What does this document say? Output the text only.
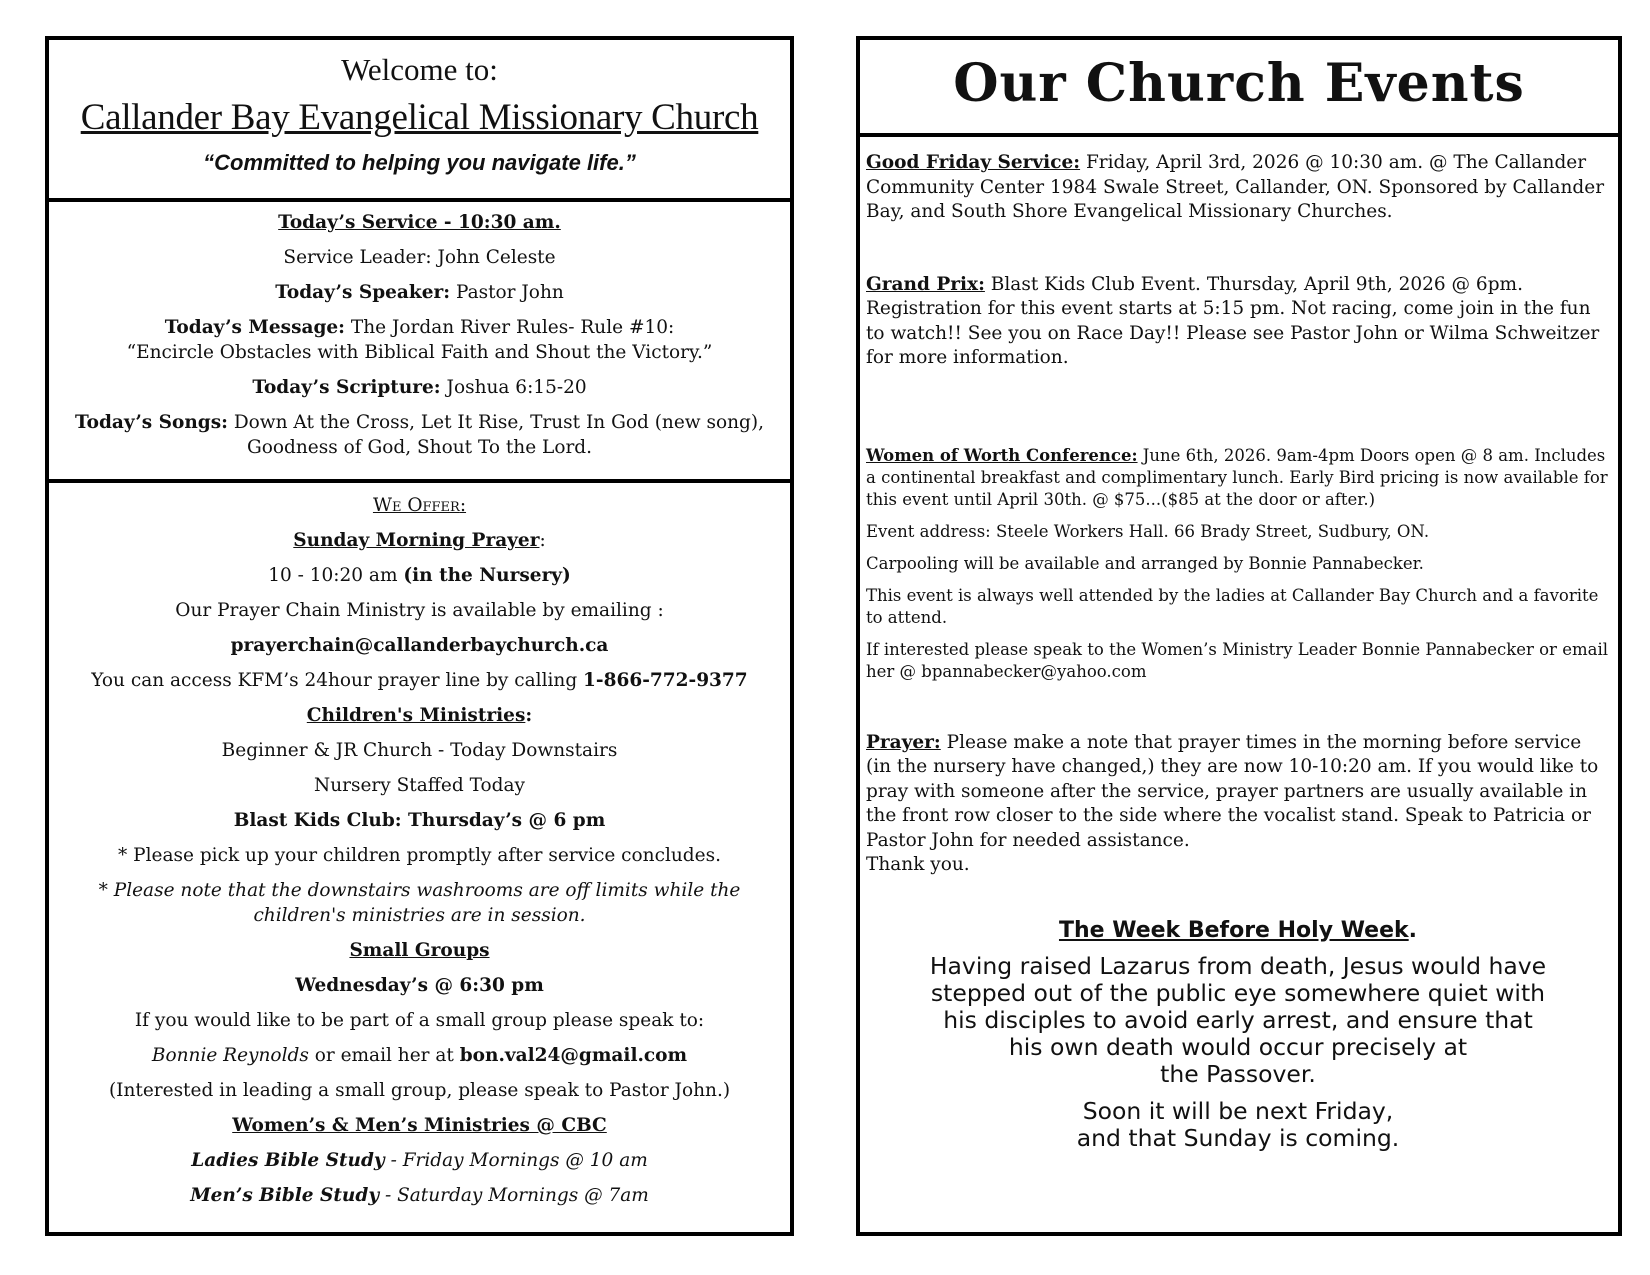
Welcome to:

Callander Bay Evangelical Missionary Church

“Committed to helping you navigate life.”

Today’s Service - 10:30 am.

Service Leader: John Celeste

Today’s Speaker: Pastor John

Today’s Message: The Jordan River Rules- Rule #10:
“Encircle Obstacles with Biblical Faith and Shout the Victory.”

Today’s Scripture: Joshua 6:15-20

Today’s Songs: Down At the Cross, Let It Rise, Trust In God (new song), Goodness of God, Shout To the Lord.

We Offer:

Sunday Morning Prayer:

10 - 10:20 am (in the Nursery)

Our Prayer Chain Ministry is available by emailing :

prayerchain@callanderbaychurch.ca

You can access KFM’s 24hour prayer line by calling 1-866-772-9377

Children's Ministries:

Beginner & JR Church - Today Downstairs

Nursery Staffed Today

Blast Kids Club: Thursday’s @ 6 pm

* Please pick up your children promptly after service concludes.

* Please note that the downstairs washrooms are off limits while the children's ministries are in session.

Small Groups

Wednesday’s @ 6:30 pm

If you would like to be part of a small group please speak to:

Bonnie Reynolds or email her at bon.val24@gmail.com

(Interested in leading a small group, please speak to Pastor John.)

Women’s & Men’s Ministries @ CBC

Ladies Bible Study - Friday Mornings @ 10 am

Men’s Bible Study - Saturday Mornings @ 7am

Our Church Events

Good Friday Service: Friday, April 3rd, 2026 @ 10:30 am. @ The Callander Community Center 1984 Swale Street, Callander, ON. Sponsored by Callander Bay, and South Shore Evangelical Missionary Churches.

Grand Prix: Blast Kids Club Event. Thursday, April 9th, 2026 @ 6pm. Registration for this event starts at 5:15 pm. Not racing, come join in the fun to watch!! See you on Race Day!! Please see Pastor John or Wilma Schweitzer for more information.

Women of Worth Conference: June 6th, 2026. 9am-4pm Doors open @ 8 am. Includes a continental breakfast and complimentary lunch. Early Bird pricing is now available for this event until April 30th. @ $75...($85 at the door or after.)

Event address: Steele Workers Hall. 66 Brady Street, Sudbury, ON.

Carpooling will be available and arranged by Bonnie Pannabecker.

This event is always well attended by the ladies at Callander Bay Church and a favorite to attend.

If interested please speak to the Women’s Ministry Leader Bonnie Pannabecker or email her @ bpannabecker@yahoo.com

Prayer: Please make a note that prayer times in the morning before service (in the nursery have changed,) they are now 10-10:20 am. If you would like to pray with someone after the service, prayer partners are usually available in the front row closer to the side where the vocalist stand. Speak to Patricia or Pastor John for needed assistance.
Thank you.

The Week Before Holy Week.

Having raised Lazarus from death, Jesus would have
stepped out of the public eye somewhere quiet with
his disciples to avoid early arrest, and ensure that
his own death would occur precisely at
the Passover.

Soon it will be next Friday,
and that Sunday is coming.
